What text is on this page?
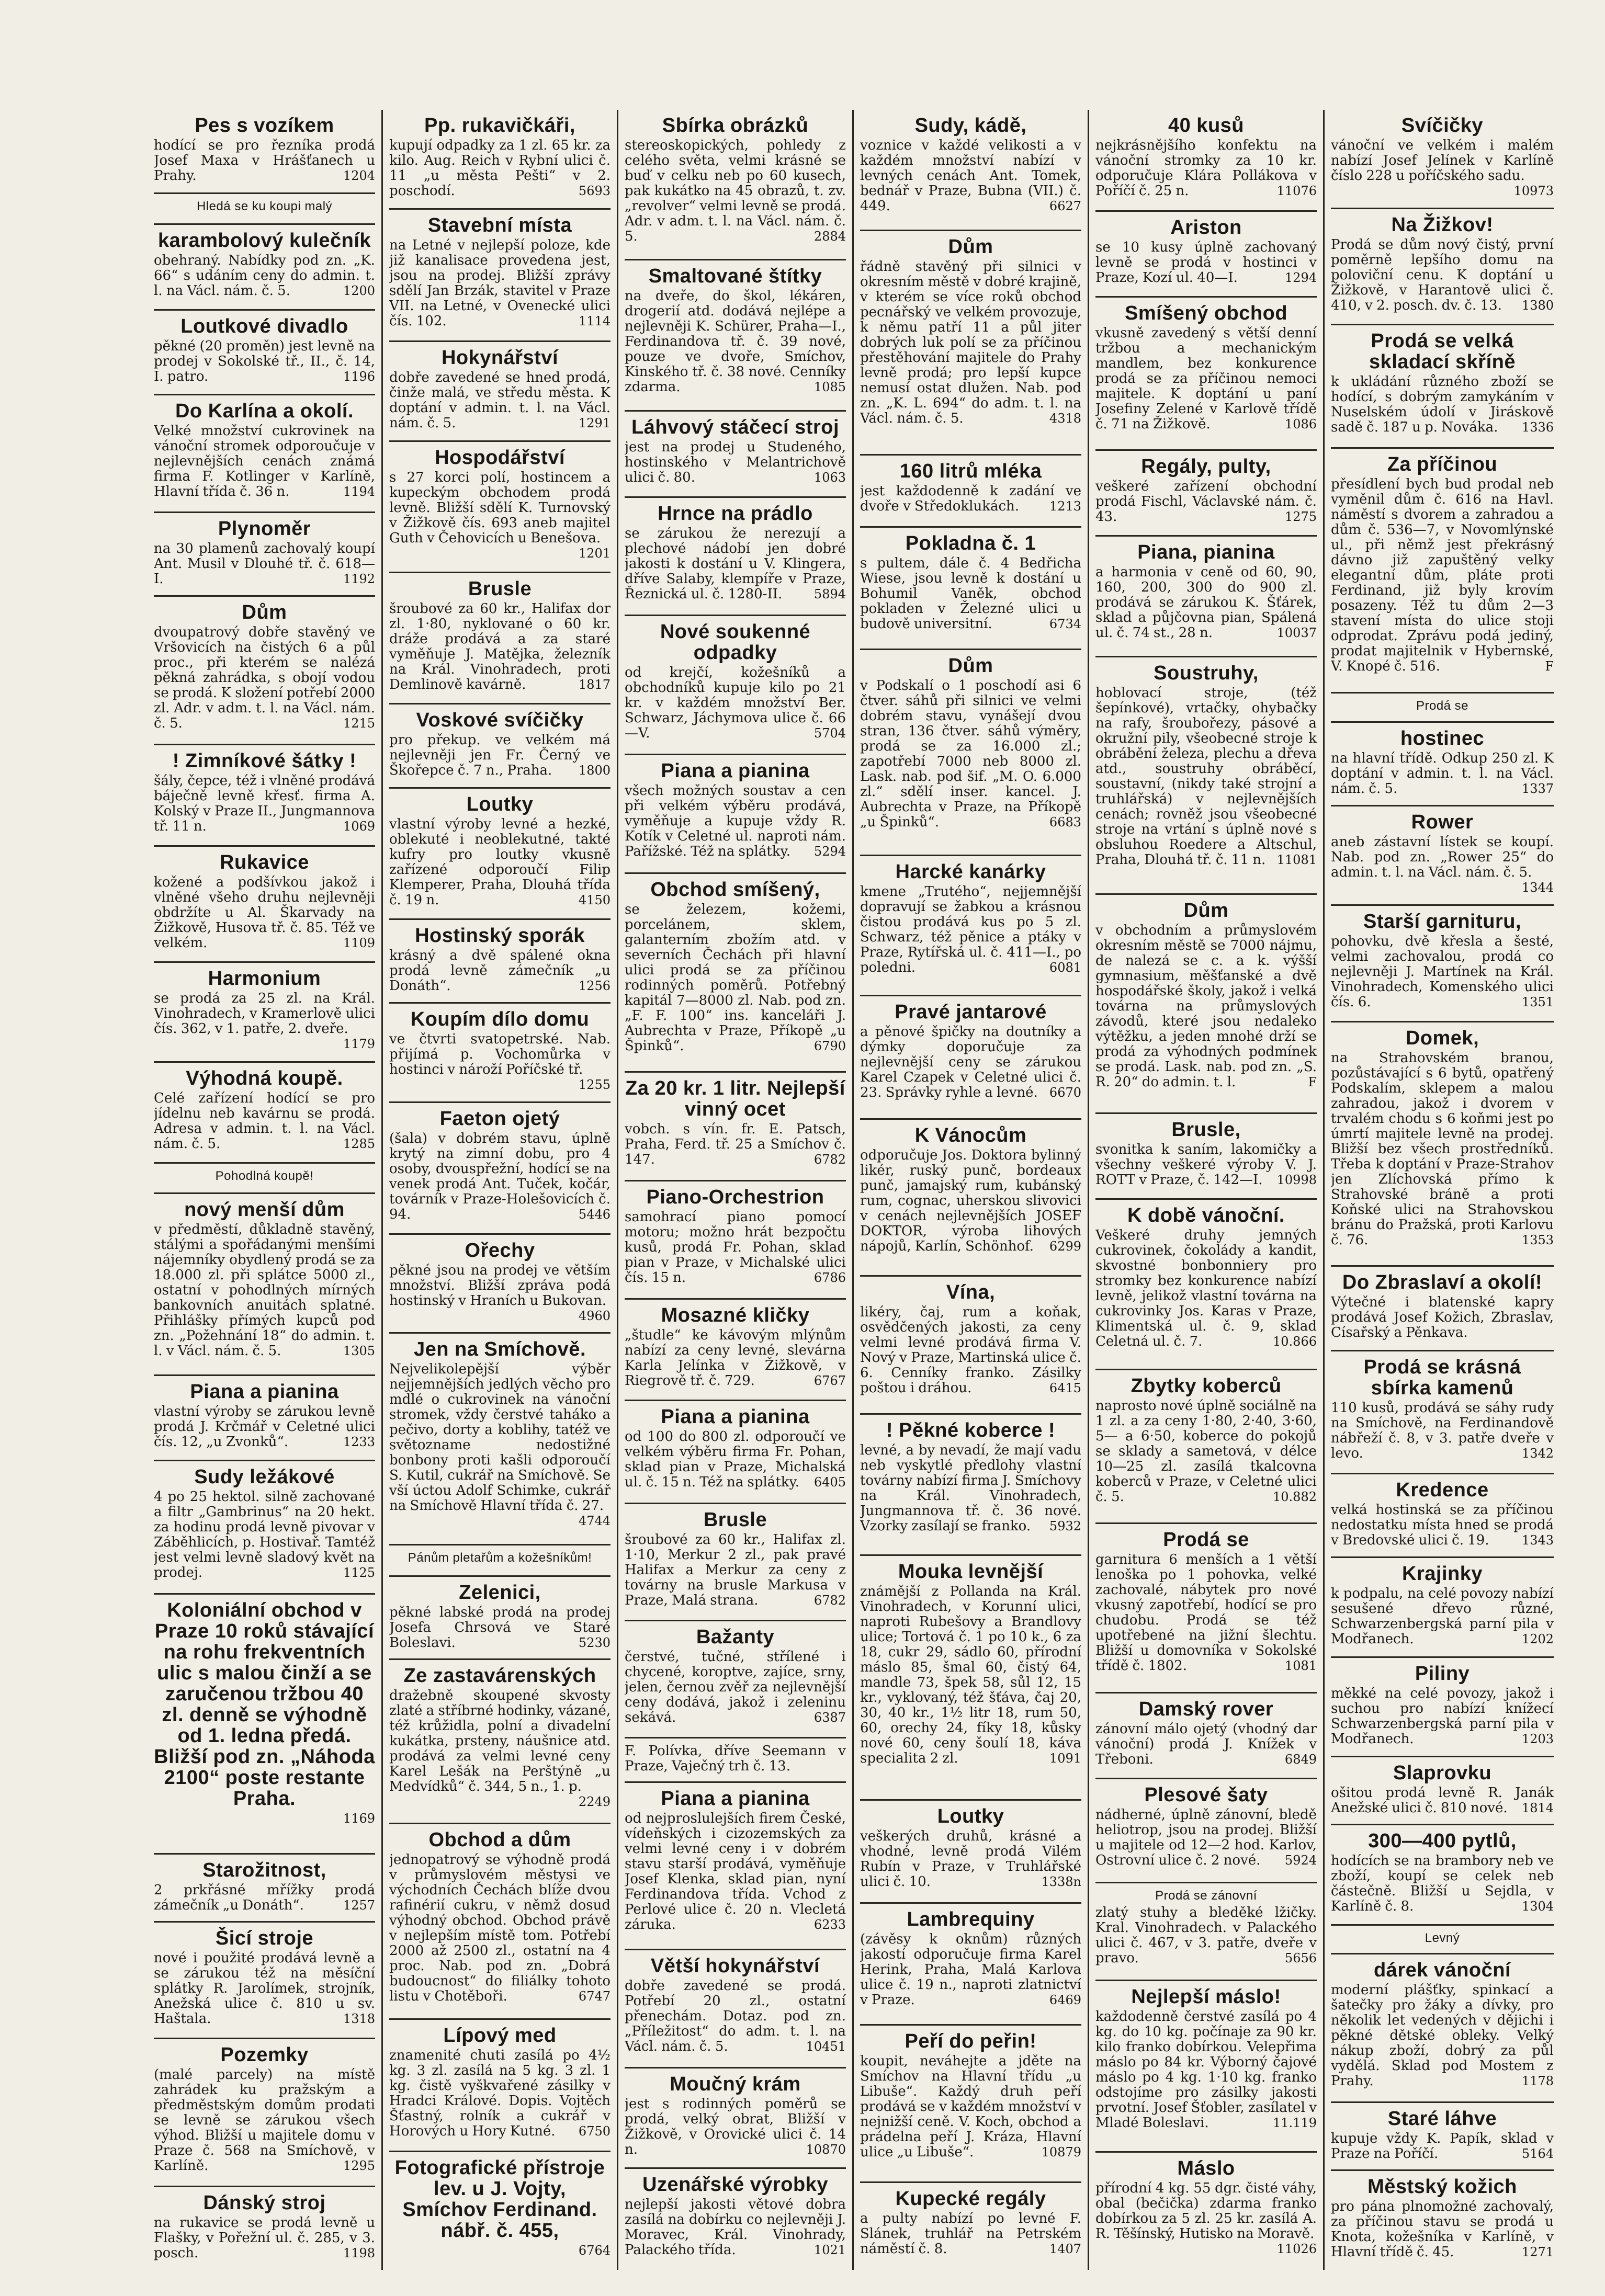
Pes s vozíkem

hodící se pro řezníka prodá Josef Maxa v Hrášťanech u Prahy.	1204

Hledá se ku koupi malý
karambolový kulečník

obehraný. Nabídky pod zn. „K. 66“ s udáním ceny do admin. t. l. na Václ. nám. č. 5.	1200

Loutkové divadlo

pěkné (20 proměn) jest levně na prodej v Sokolské tř., II., č. 14, I. patro.	1196

Do Karlína a okolí.

Velké množství cukrovinek na vánoční stromek odporoučuje v nejlevnějších cenách známá firma F. Kotlinger v Karlíně, Hlavní třída č. 36 n.	1194

Plynoměr

na 30 plamenů zachovalý koupí Ant. Musil v Dlouhé tř. č. 618—I.	1192

Dům

dvoupatrový dobře stavěný ve Vršovicích na čistých 6 a půl proc., při kterém se nalézá pěkná zahrádka, s obojí vodou se prodá. K složení potřebí 2000 zl. Adr. v adm. t. l. na Václ. nám. č. 5.	1215

! Zimníkové šátky !

šály, čepce, též i vlněné prodává báječně levně křesť. firma A. Kolský v Praze II., Jungmannova tř. 11 n.	1069

Rukavice

kožené a podšívkou jakož i vlněné všeho druhu nejlevněji obdržíte u Al. Škarvady na Žižkově, Husova tř. č. 85. Též ve velkém.	1109

Harmonium

se prodá za 25 zl. na Král. Vinohradech, v Kramerlově ulici čís. 362, v 1. patře, 2. dveře.
1179

Výhodná koupě.

Celé zařízení hodící se pro jídelnu neb kavárnu se prodá. Adresa v admin. t. l. na Václ. nám. č. 5.	1285

Pohodlná koupě!
nový menší dům

v předměstí, důkladně stavěný, stálými a spořádanými menšími nájemníky obydlený prodá se za 18.000 zl. při splátce 5000 zl., ostatní v pohodlných mírných bankovních anuitách splatné. Přihlášky přímých kupců pod zn. „Požehnání 18“ do admin. t. l. v Václ. nám. č. 5.	1305

Piana a pianina

vlastní výroby se zárukou levně prodá J. Krčmář v Celetné ulici čís. 12, „u Zvonků“.	1233

Sudy ležákové

4 po 25 hektol. silně zachované a filtr „Gambrinus“ na 20 hekt. za hodinu prodá levně pivovar v Záběhlicích, p. Hostivař. Tamtéž jest velmi levně sladový květ na prodej.	1125

Koloniální obchod v Praze 10 roků stávající na rohu frekventních ulic s malou činží a se zaručenou tržbou 40 zl. denně se výhodně od 1. ledna předá. Bližší pod zn. „Náhoda 2100“ poste restante Praha.

1169

Starožitnost,

2 prkřásné mřížky prodá zámečník „u Donáth“.	1257

Šicí stroje

nové i použité prodává levně a se zárukou též na měsíční splátky R. Jarolímek, strojník, Anežská ulice č. 810 u sv. Haštala.	1318

Pozemky

(malé parcely) na místě zahrádek ku pražským a předměstským domům prodati se levně se zárukou všech výhod. Bližší u majitele domu v Praze č. 568 na Smíchově, v Karlíně.	1295

Dánský stroj

na rukavice se prodá levně u Flašky, v Pořežní ul. č. 285, v 3. posch.	1198

Pp. rukavičkáři,

kupují odpadky za 1 zl. 65 kr. za kilo. Aug. Reich v Rybní ulici č. 11 „u města Pešti“ v 2. poschodí.	5693

Stavební místa

na Letné v nejlepší poloze, kde již kanalisace provedena jest, jsou na prodej. Bližší zprávy sdělí Jan Brzák, stavitel v Praze VII. na Letné, v Ovenecké ulici čís. 102.	1114

Hokynářství

dobře zavedené se hned prodá, činže malá, ve středu města. K doptání v admin. t. l. na Václ. nám. č. 5.	1291

Hospodářství

s 27 korci polí, hostincem a kupeckým obchodem prodá levně. Bližší sdělí K. Turnovský v Žižkově čís. 693 aneb majitel Guth v Čehovicích u Benešova.
1201

Brusle

šroubové za 60 kr., Halifax dor zl. 1·80, nyklované o 60 kr. dráže prodává a za staré vyměňuje J. Matějka, železník na Král. Vinohradech, proti Demlinově kavárně.	1817

Voskové svíčičky

pro překup. ve velkém má nejlevněji jen Fr. Černý ve Škořepce č. 7 n., Praha. 1800

Loutky

vlastní výroby levné a hezké, oblekuté i neoblekutné, takté kufry pro loutky vkusně zařízené odporoučí Filip Klemperer, Praha, Dlouhá třída č. 19 n.	4150

Hostinský sporák

krásný a dvě spálené okna prodá levně zámečník „u Donáth“.	1256

Koupím dílo domu

ve čtvrti svatopetrské. Nab. přijímá p. Vochomůrka v hostinci v nároží Poříčské tř.
1255

Faeton ojetý

(šala) v dobrém stavu, úplně krytý na zimní dobu, pro 4 osoby, dvouspřežní, hodící se na venek prodá Ant. Tuček, kočár, továrník v Praze-Holešovicích č. 94.	5446

Ořechy

pěkné jsou na prodej ve větším množství. Bližší zpráva podá hostinský v Hraních u Bukovan.
4960

Jen na Smíchově.

Nejvelikolepější výběr nejjemnějších jedlých věcho pro mdlé o cukrovinek na vánoční stromek, vždy čerstvé taháko a pečivo, dorty a koblihy, tatéž ve světozname nedostižné bonbony proti kašli odporoučí S. Kutil, cukrář na Smíchově. Se vší úctou Adolf Schimke, cukrář na Smíchově Hlavní třída č. 27.
4744

Pánům pletařům a kožešníkům!
Zelenici,

pěkné labské prodá na prodej Josefa Chrsová ve Staré Boleslavi.	5230

Ze zastavárenských

dražebně skoupené skvosty zlaté a stříbrné hodinky, vázané, též krůžidla, polní a divadelní kukátka, prsteny, náušnice atd. prodává za velmi levné ceny Karel Lešák na Perštýně „u Medvídků“ č. 344, 5 n., 1. p.
2249

Obchod a dům

jednopatrový se výhodně prodá v průmyslovém městysi ve východních Čechách blíže dvou rafinérií cukru, v němž dosud výhodný obchod. Obchod právě v nejlepším místě tom. Potřebí 2000 až 2500 zl., ostatní na 4 proc. Nab. pod zn. „Dobrá budoucnost“ do filiálky tohoto listu v Chotěboři.	6747

Lípový med

znamenité chuti zasílá po 4½ kg. 3 zl. zasílá na 5 kg. 3 zl. 1 kg. čistě vyškvařené zásilky v Hradci Králové. Dopis. Vojtěch Šťastný, rolník a cukrář v Horových u Hory Kutné. 6750

Fotografické přístroje lev. u J. Vojty, Smíchov Ferdinand. nábř. č. 455,

6764

Sbírka obrázků

stereoskopických, pohledy z celého světa, velmi krásné se buď v celku neb po 60 kusech, pak kukátko na 45 obrazů, t. zv. „revolver“ velmi levně se prodá. Adr. v adm. t. l. na Václ. nám. č. 5.	2884

Smaltované štítky

na dveře, do škol, lékáren, drogerií atd. dodává nejlépe a nejlevněji K. Schürer, Praha—I., Ferdinandova tř. č. 39 nové, pouze ve dvoře, Smíchov, Kinského tř. č. 38 nové. Cenníky zdarma.	1085

Láhvový stáčecí stroj

jest na prodej u Studeného, hostinského v Melantrichově ulici č. 80.	1063

Hrnce na prádlo

se zárukou že nerezují a plechové nádobí jen dobré jakosti k dostání u V. Klingera, dříve Salaby, klempíře v Praze, Řeznická ul. č. 1280-II.	5894

Nové soukenné odpadky

od krejčí, kožešníků a obchodníků kupuje kilo po 21 kr. v každém množství Ber. Schwarz, Jáchymova ulice č. 66—V.	5704

Piana a pianina

všech možných soustav a cen při velkém výběru prodává, vyměňuje a kupuje vždy R. Kotík v Celetné ul. naproti nám. Pařížské. Též na splátky. 5294

Obchod smíšený,

se železem, kožemi, porcelánem, sklem, galanterním zbožím atd. v severních Čechách při hlavní ulici prodá se za příčinou rodinných poměrů. Potřebný kapitál 7—8000 zl. Nab. pod zn. „F. F. 100“ ins. kanceláři J. Aubrechta v Praze, Příkopě „u Špinků“.	6790

Za 20 kr. 1 litr. Nejlepší vinný ocet

vobch. s vín. fr. E. Patsch, Praha, Ferd. tř. 25 a Smíchov č. 147.	6782

Piano-Orchestrion

samohrací piano pomocí motoru; možno hrát bezpočtu kusů, prodá Fr. Pohan, sklad pian v Praze, v Michalské ulici čís. 15 n.	6786

Mosazné kličky

„študle“ ke kávovým mlýnům nabízí za ceny levné, slevárna Karla Jelínka v Žižkově, v Riegrově tř. č. 729.	6767

Piana a pianina

od 100 do 800 zl. odporoučí ve velkém výběru firma Fr. Pohan, sklad pian v Praze, Michalská ul. č. 15 n. Též na splátky. 6405

Brusle

šroubové za 60 kr., Halifax zl. 1·10, Merkur 2 zl., pak pravé Halifax a Merkur za ceny z továrny na brusle Markusa v Praze, Malá strana.	6782

Bažanty

čerstvé, tučné, střílené i chycené, koroptve, zajíce, srny, jelen, černou zvěř za nejlevnější ceny dodává, jakož i zeleninu sekává.	6387

F. Polívka, dříve Seemann v Praze, Vaječný trh č. 13.

Piana a pianina

od nejproslulejších firem České, vídeňských i cizozemských za velmi levné ceny i v dobrém stavu starší prodává, vyměňuje Josef Klenka, sklad pian, nyní Ferdinandova třída. Vchod z Perlové ulice č. 20 n. Vlecletá záruka.	6233

Větší hokynářství

dobře zavedené se prodá. Potřebí 20 zl., ostatní přenechám. Dotaz. pod zn. „Příležitost“ do adm. t. l. na Václ. nám. č. 5.	10451

Moučný krám

jest s rodinných poměrů se prodá, velký obrat, Bližší v Žižkově, v Orovické ulici č. 14 n.	10870

Uzenářské výrobky

nejlepší jakosti větové dobra zasílá na dobírku co nejlevněji J. Moravec, Král. Vinohrady, Palackého třída.	1021

Sudy, kádě,

voznice v každé velikosti a v každém množství nabízí v levných cenách Ant. Tomek, bednář v Praze, Bubna (VII.) č. 449.	6627

Dům

řádně stavěný při silnici v okresním městě v dobré krajině, v kterém se více roků obchod pecnářský ve velkém provozuje, k němu patří 11 a půl jiter dobrých luk polí se za příčinou přestěhování majitele do Prahy levně prodá; pro lepší kupce nemusí ostat dlužen. Nab. pod zn. „K. L. 694“ do adm. t. l. na Václ. nám. č. 5.	4318

160 litrů mléka

jest každodenně k zadání ve dvoře v Středoklukách. 1213

Pokladna č. 1

s pultem, dále č. 4 Bedřicha Wiese, jsou levně k dostání u Bohumil Vaněk, obchod pokladen v Železné ulici u budově universitní.	6734

Dům

v Podskalí o 1 poschodí asi 6 čtver. sáhů při silnici ve velmi dobrém stavu, vynášejí dvou stran, 136 čtver. sáhů výměry, prodá se za 16.000 zl.; zapotřebí 7000 neb 8000 zl. Lask. nab. pod šif. „M. O. 6.000 zl.“ sdělí inser. kancel. J. Aubrechta v Praze, na Příkopě „u Špinků“.	6683

Harcké kanárky

kmene „Trutého“, nejjemnější dopravují se žabkou a krásnou čistou prodává kus po 5 zl. Schwarz, též pěnice a ptáky v Praze, Rytířská ul. č. 411—I., po poledni.	6081

Pravé jantarové

a pěnové špičky na doutníky a dýmky doporučuje za nejlevnější ceny se zárukou Karel Czapek v Celetné ulici č. 23. Správky ryhle a levné. 6670

K Vánocům

odporučuje Jos. Doktora bylinný likér, ruský punč, bordeaux punč, jamajský rum, kubánský rum, cognac, uherskou slivovici v cenách nejlevnějších JOSEF DOKTOR, výroba lihových nápojů, Karlín, Schönhof. 6299

Vína,

likéry, čaj, rum a koňak, osvědčených jakosti, za ceny velmi levné prodává firma V. Nový v Praze, Martinská ulice č. 6. Cenníky franko. Zásilky poštou i dráhou.	6415

! Pěkné koberce !

levné, a by nevadí, že mají vadu neb vyskytlé předlohy vlastní továrny nabízí firma J. Smíchovy na Král. Vinohradech, Jungmannova tř. č. 36 nové. Vzorky zasílají se franko. 5932

Mouka levnější

známější z Pollanda na Král. Vinohradech, v Korunní ulici, naproti Rubešovy a Brandlovy ulice; Tortová č. 1 po 10 k., 6 za 18, cukr 29, sádlo 60, přírodní máslo 85, šmal 60, čistý 64, mandle 73, špek 58, sůl 12, 15 kr., vyklovaný, též šťáva, čaj 20, 30, 40 kr., 1½ litr 18, rum 50, 60, orechy 24, fíky 18, kůsky nové 60, ceny šoulí 18, káva specialita 2 zl.	1091

Loutky

veškerých druhů, krásné a vhodné, levně prodá Vilém Rubín v Praze, v Truhlářské ulici č. 10.	1338n

Lambrequiny

(závěsy k oknům) různých jakostí odporučuje firma Karel Herink, Praha, Malá Karlova ulice č. 19 n., naproti zlatnictví v Praze.	6469

Peří do peřin!

koupit, neváhejte a jděte na Smíchov na Hlavní třídu „u Libuše“. Každý druh peří prodává se v každém množství v nejnižší ceně. V. Koch, obchod a prádelna peří J. Kráza, Hlavní ulice „u Libuše“.	10879

Kupecké regály

a pulty nabízí po levné F. Slánek, truhlář na Petrském náměstí č. 8.	1407

40 kusů

nejkrásnějšího konfektu na vánoční stromky za 10 kr. odporučuje Klára Pollákova v Poříčí č. 25 n.	11076

Ariston

se 10 kusy úplně zachovaný levně se prodá v hostinci v Praze, Kozí ul. 40—I.	1294

Smíšený obchod

vkusně zavedený s větší denní tržbou a mechanickým mandlem, bez konkurence prodá se za příčinou nemoci majitele. K doptání u paní Josefiny Zelené v Karlově třídě č. 71 na Žižkově.	1086

Regály, pulty,

veškeré zařízení obchodní prodá Fischl, Václavské nám. č. 43.	1275

Piana, pianina

a harmonia v ceně od 60, 90, 160, 200, 300 do 900 zl. prodává se zárukou K. Šťárek, sklad a půjčovna pian, Spálená ul. č. 74 st., 28 n.	10037

Soustruhy,

hoblovací stroje, (též šepínkové), vrtačky, ohybačky na rafy, šroubořezy, pásové a okružní pily, všeobecné stroje k obrábění železa, plechu a dřeva atd., soustruhy obráběcí, soustavní, (nikdy také strojní a truhlářská) v nejlevnějších cenách; rovněž jsou všeobecné stroje na vrtání s úplně nové s obsluhou Roedere a Altschul, Praha, Dlouhá tř. č. 11 n. 11081

Dům

v obchodním a průmyslovém okresním městě se 7000 nájmu, de nalezá se c. a k. výšší gymnasium, měšťanské a dvě hospodářské školy, jakož i velká továrna na průmyslových závodů, které jsou nedaleko výtěžku, a jeden mnohé drží se prodá za výhodných podmínek se prodá. Lask. nab. pod zn. „S. R. 20“ do admin. t. l.	F

Brusle,

svonitka k saním, lakomičky a všechny veškeré výroby V. J. ROTT v Praze, č. 142—I. 10998

K době vánoční.

Veškeré druhy jemných cukrovinek, čokolády a kandit, skvostné bonbonniery pro stromky bez konkurence nabízí levně, jelikož vlastní továrna na cukrovinky Jos. Karas v Praze, Klimentská ul. č. 9, sklad Celetná ul. č. 7.	10.866

Zbytky koberců

naprosto nové úplně sociálně na 1 zl. a za ceny 1·80, 2·40, 3·60, 5— a 6·50, koberce do pokojů se sklady a sametová, v délce 10—25 zl. zasílá tkalcovna koberců v Praze, v Celetné ulici č. 5.	10.882

Prodá se

garnitura 6 menších a 1 větší lenoška po 1 pohovka, velké zachovalé, nábytek pro nové vkusný zapotřebí, hodící se pro chudobu. Prodá se též upotřebené na jižní šlechtu. Bližší u domovníka v Sokolské třídě č. 1802.	1081

Damský rover

zánovní málo ojetý (vhodný dar vánoční) prodá J. Knížek v Třeboni.	6849

Plesové šaty

nádherné, úplně zánovní, bledě heliotrop, jsou na prodej. Bližší u majitele od 12—2 hod. Karlov, Ostrovní ulice č. 2 nové. 5924

Prodá se zánovní

zlatý stuhy a bleděké lžičky. Kral. Vinohradech. v Palackého ulici č. 467, v 3. patře, dveře v pravo.	5656

Nejlepší máslo!

každodenně čerstvé zasílá po 4 kg. do 10 kg. počínaje za 90 kr. kilo franko dobírkou. Velepřima máslo po 84 kr. Výborný čajové máslo po 4 kg. 1·10 kg. franko odstojíme pro zásilky jakosti prvotní. Josef Šťobler, zasílatel v Mladé Boleslavi.	11.119

Máslo

přírodní 4 kg. 55 dgr. čisté váhy, obal (bečička) zdarma franko dobírkou za 5 zl. 25 kr. zasílá A. R. Těšínský, Hutisko na Moravě.
11026

Svíčičky

vánoční ve velkém i malém nabízí Josef Jelínek v Karlíně číslo 228 u poříčského sadu.
10973

Na Žižkov!

Prodá se dům nový čistý, první poměrně lepšího domu na poloviční cenu. K doptání u Žižkově, v Harantově ulici č. 410, v 2. posch. dv. č. 13. 1380

Prodá se velká skladací skříně

k ukládání různého zboží se hodící, s dobrým zamykáním v Nuselském údolí v Jiráskově sadě č. 187 u p. Nováka. 1336

Za příčinou

přesídlení bych bud prodal neb vyměnil dům č. 616 na Havl. náměstí s dvorem a zahradou a dům č. 536—7, v Novomlýnské ul., při němž jest překrásný dávno již zapuštěný velky elegantní dům, pláte proti Ferdinand, již byly krovím posazeny. Též tu dům 2—3 stavení místa do ulice stoji odprodat. Zprávu podá jediný, prodat majitelnik v Hybernské, V. Knopé č. 516.	F

Prodá se
hostinec

na hlavní třídě. Odkup 250 zl. K doptání v admin. t. l. na Václ. nám. č. 5.	1337

Rower

aneb zástavní lístek se koupí. Nab. pod zn. „Rower 25“ do admin. t. l. na Václ. nám. č. 5.
1344

Starší garnituru,

pohovku, dvě křesla a šesté, velmi zachovalou, prodá co nejlevněji J. Martínek na Král. Vinohradech, Komenského ulici čís. 6.	1351

Domek,

na Strahovském branou, pozůstávající s 6 bytů, opatřený Podskalím, sklepem a malou zahradou, jakož i dvorem v trvalém chodu s 6 koňmi jest po úmrtí majitele levně na prodej. Bližší bez všech prostředníků. Třeba k doptání v Praze-Strahov jen Zlíchovská přímo k Strahovské bráně a proti Koňské ulici na Strahovskou bránu do Pražská, proti Karlovu č. 76.	1353

Do Zbraslaví a okolí!

Výtečné i blatenské kapry prodává Josef Kožich, Zbraslav, Císařský a Pěnkava.

Prodá se krásná sbírka kamenů

110 kusů, prodává se sáhy rudy na Smíchově, na Ferdinandově nábřeží č. 8, v 3. patře dveře v levo.	1342

Kredence

velká hostinská se za příčinou nedostatku místa hned se prodá v Bredovské ulici č. 19.	1343

Krajinky

k podpalu, na celé povozy nabízí sesušené dřevo různé, Schwarzenbergská parní pila v Modřanech.	1202

Piliny

měkké na celé povozy, jakož i suchou pro nabízí knížecí Schwarzenbergská parní pila v Modřanech.	1203

Slaprovku

ošitou prodá levně R. Janák Anežské ulici č. 810 nové. 1814

300—400 pytlů,

hodících se na brambory neb ve zboží, koupí se celek neb částečně. Bližší u Sejdla, v Karlíně č. 8.	1304

Levný
dárek vánoční

moderní plášťky, spinkací a šatečky pro žáky a dívky, pro několik let vedených v dějichi i pěkné dětské obleky. Velký nákup zboží, dobrý za půl vydělá. Sklad pod Mostem z Prahy.	1178

Staré láhve

kupuje vždy K. Papík, sklad v Praze na Poříčí.	5164

Městský kožich

pro pána plnomožné zachovalý, za příčinou stavu se prodá u Knota, kožešníka v Karlíně, v Hlavní třídě č. 45.	1271
